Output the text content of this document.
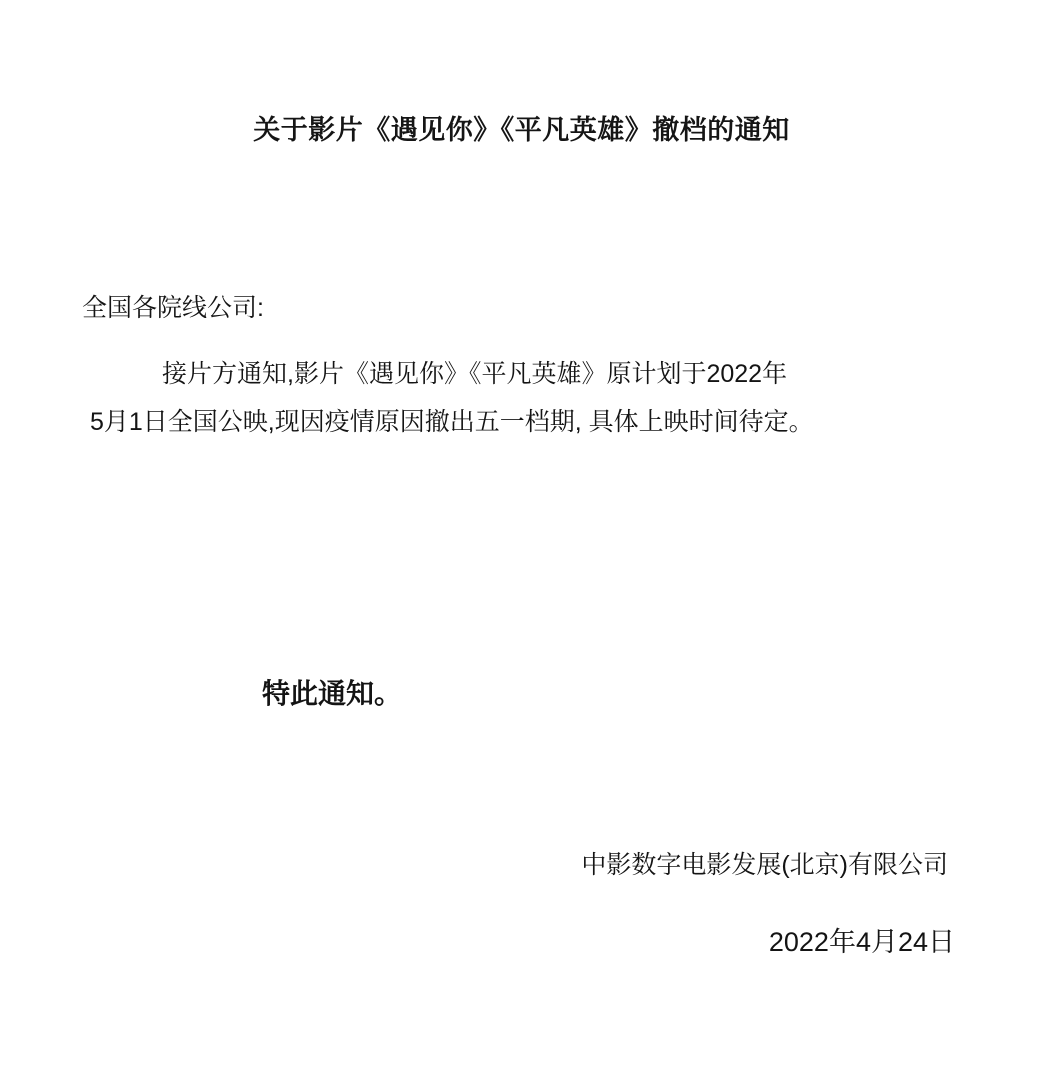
关于影片《遇见你》《平凡英雄》撤档的通知
全国各院线公司:

接片方通知,影片《遇见你》《平凡英雄》原计划于2022年

5月1日全国公映,现因疫情原因撤出五一档期, 具体上映时间待定。

特此通知。
中影数字电影发展(北京)有限公司
2022年4月24日
